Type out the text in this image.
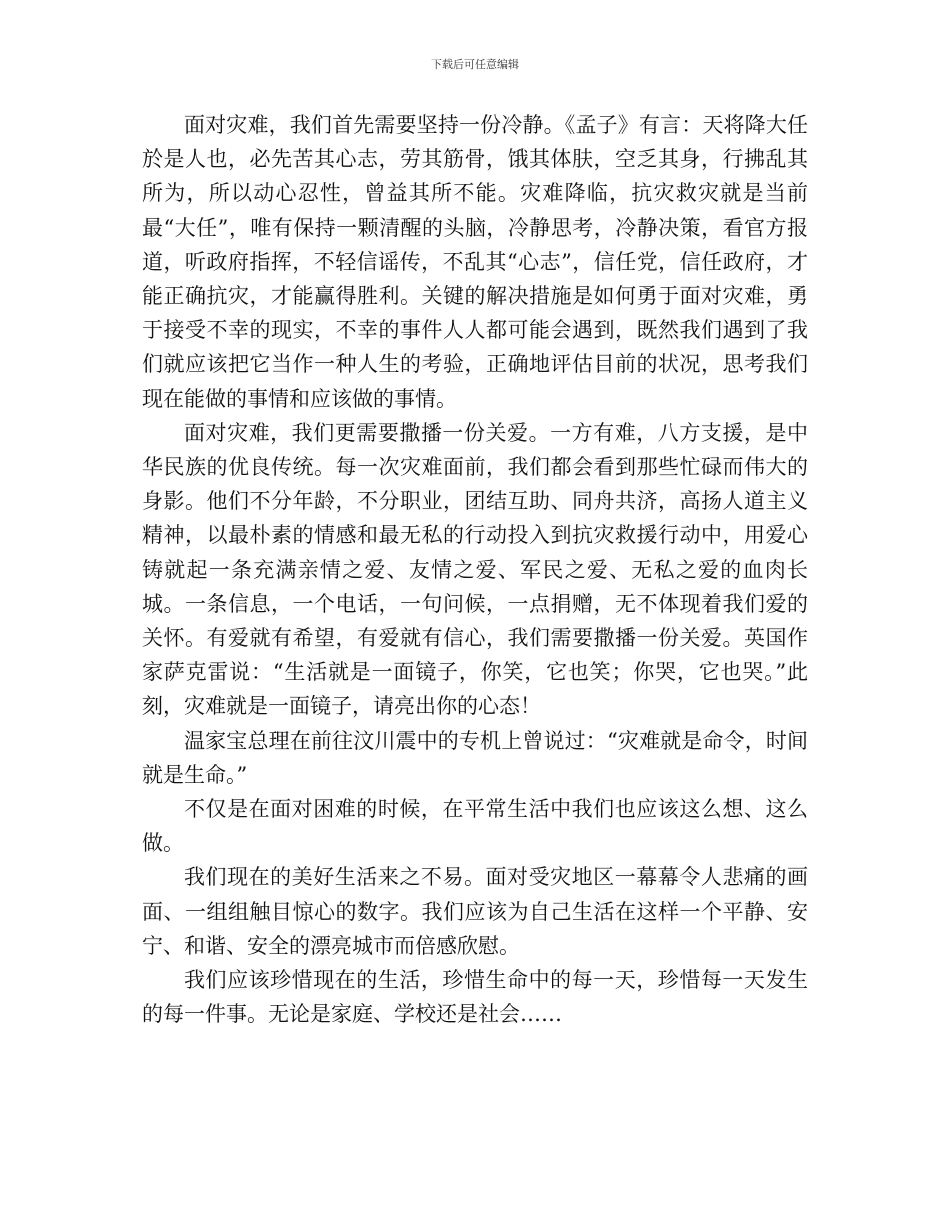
下载后可任意编辑

面对灾难，我们首先需要坚持一份冷静。《孟子》有言：天将降大任於是人也，必先苦其心志，劳其筋骨，饿其体肤，空乏其身，行拂乱其所为，所以动心忍性，曾益其所不能。灾难降临，抗灾救灾就是当前最“大任”，唯有保持一颗清醒的头脑，冷静思考，冷静决策，看官方报道，听政府指挥，不轻信谣传，不乱其“心志”，信任党，信任政府，才能正确抗灾，才能赢得胜利。关键的解决措施是如何勇于面对灾难，勇于接受不幸的现实，不幸的事件人人都可能会遇到，既然我们遇到了我们就应该把它当作一种人生的考验，正确地评估目前的状况，思考我们现在能做的事情和应该做的事情。

面对灾难，我们更需要撒播一份关爱。一方有难，八方支援，是中华民族的优良传统。每一次灾难面前，我们都会看到那些忙碌而伟大的身影。他们不分年龄，不分职业，团结互助、同舟共济，高扬人道主义精神，以最朴素的情感和最无私的行动投入到抗灾救援行动中，用爱心铸就起一条充满亲情之爱、友情之爱、军民之爱、无私之爱的血肉长城。一条信息，一个电话，一句问候，一点捐赠，无不体现着我们爱的关怀。有爱就有希望，有爱就有信心，我们需要撒播一份关爱。英国作家萨克雷说：“生活就是一面镜子，你笑，它也笑；你哭，它也哭。”此刻，灾难就是一面镜子，请亮出你的心态！

温家宝总理在前往汶川震中的专机上曾说过：“灾难就是命令，时间就是生命。”

不仅是在面对困难的时候，在平常生活中我们也应该这么想、这么做。

我们现在的美好生活来之不易。面对受灾地区一幕幕令人悲痛的画面、一组组触目惊心的数字。我们应该为自己生活在这样一个平静、安宁、和谐、安全的漂亮城市而倍感欣慰。

我们应该珍惜现在的生活，珍惜生命中的每一天，珍惜每一天发生的每一件事。无论是家庭、学校还是社会……
